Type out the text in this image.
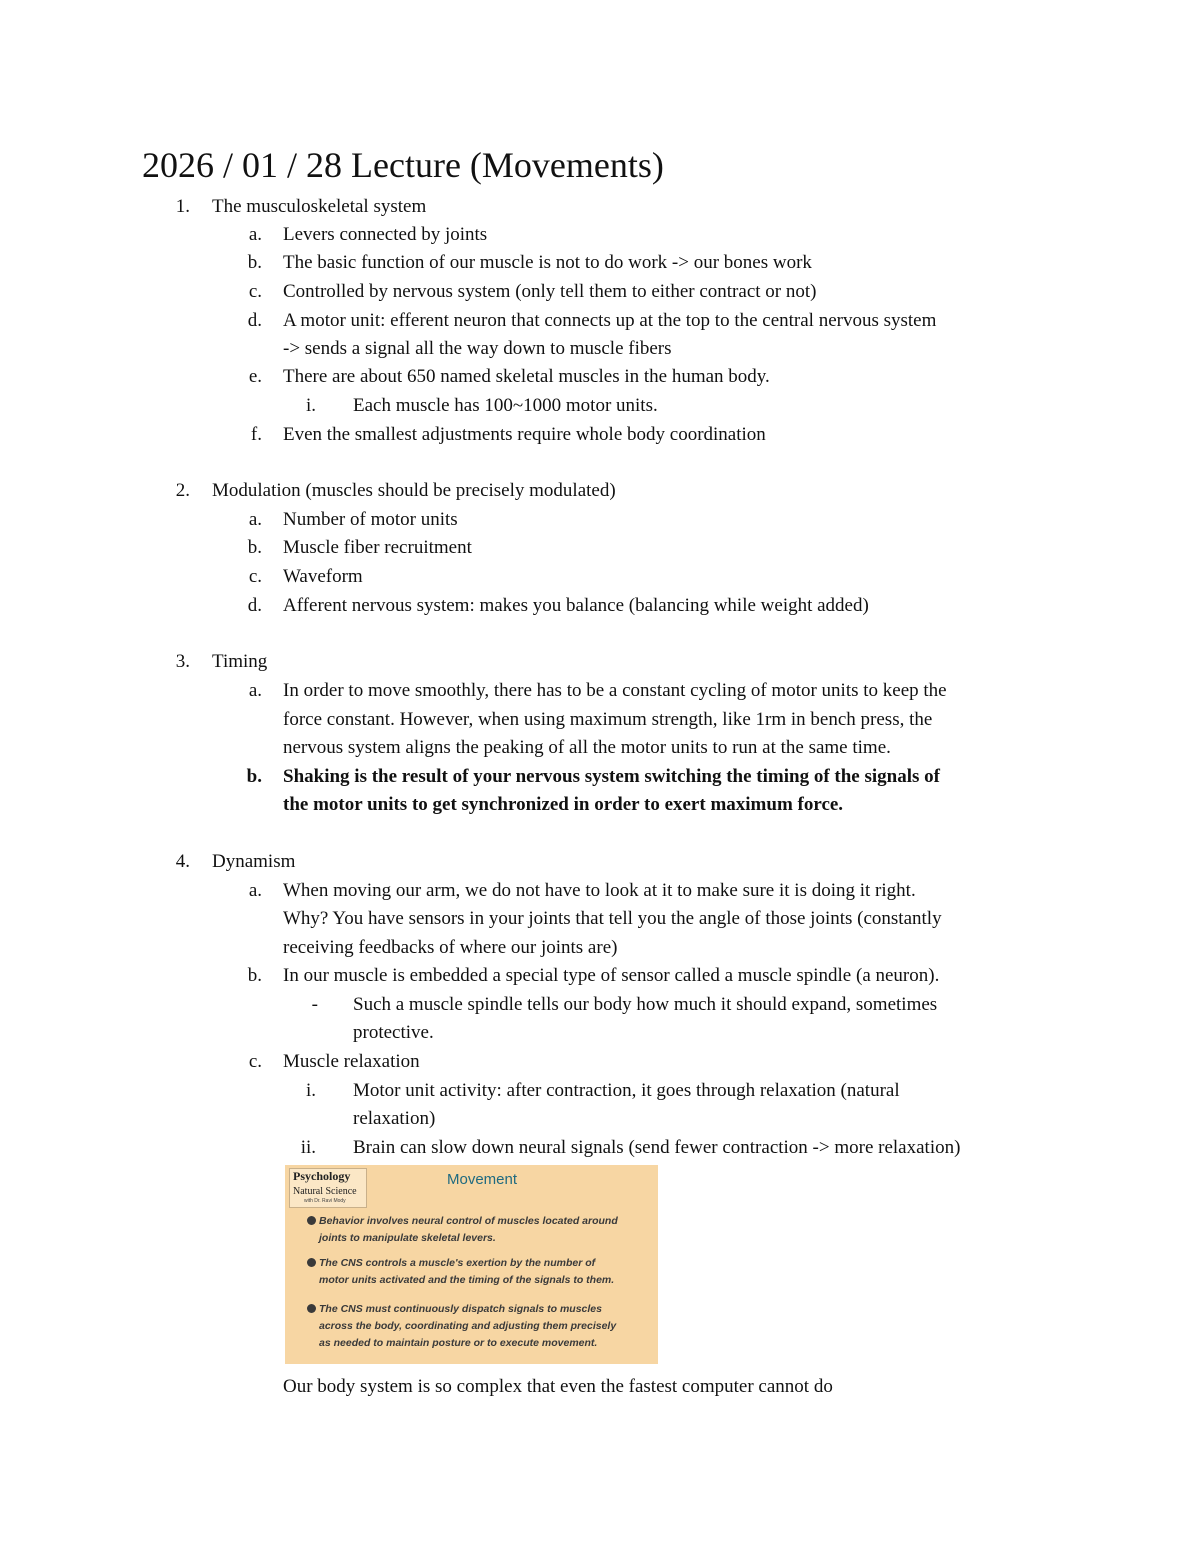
2026 / 01 / 28 Lecture (Movements)
1. The musculoskeletal system
a. Levers connected by joints
b. The basic function of our muscle is not to do work -> our bones work
c. Controlled by nervous system (only tell them to either contract or not)
d. A motor unit: efferent neuron that connects up at the top to the central nervous system
-> sends a signal all the way down to muscle fibers
e. There are about 650 named skeletal muscles in the human body.
i. Each muscle has 100~1000 motor units.
f. Even the smallest adjustments require whole body coordination
2. Modulation (muscles should be precisely modulated)
a. Number of motor units
b. Muscle fiber recruitment
c. Waveform
d. Afferent nervous system: makes you balance (balancing while weight added)
3. Timing
a. In order to move smoothly, there has to be a constant cycling of motor units to keep the
force constant. However, when using maximum strength, like 1rm in bench press, the
nervous system aligns the peaking of all the motor units to run at the same time.
b. Shaking is the result of your nervous system switching the timing of the signals of
the motor units to get synchronized in order to exert maximum force.
4. Dynamism
a. When moving our arm, we do not have to look at it to make sure it is doing it right.
Why? You have sensors in your joints that tell you the angle of those joints (constantly
receiving feedbacks of where our joints are)
b. In our muscle is embedded a special type of sensor called a muscle spindle (a neuron).
- Such a muscle spindle tells our body how much it should expand, sometimes
protective.
c. Muscle relaxation
i. Motor unit activity: after contraction, it goes through relaxation (natural
relaxation)
ii. Brain can slow down neural signals (send fewer contraction -> more relaxation)
Psychology
Natural Science
with Dr. Ravi Mody
Movement
Behavior involves neural control of muscles located around
joints to manipulate skeletal levers.
The CNS controls a muscle's exertion by the number of
motor units activated and the timing of the signals to them.
The CNS must continuously dispatch signals to muscles
across the body, coordinating and adjusting them precisely
as needed to maintain posture or to execute movement.
Our body system is so complex that even the fastest computer cannot do
